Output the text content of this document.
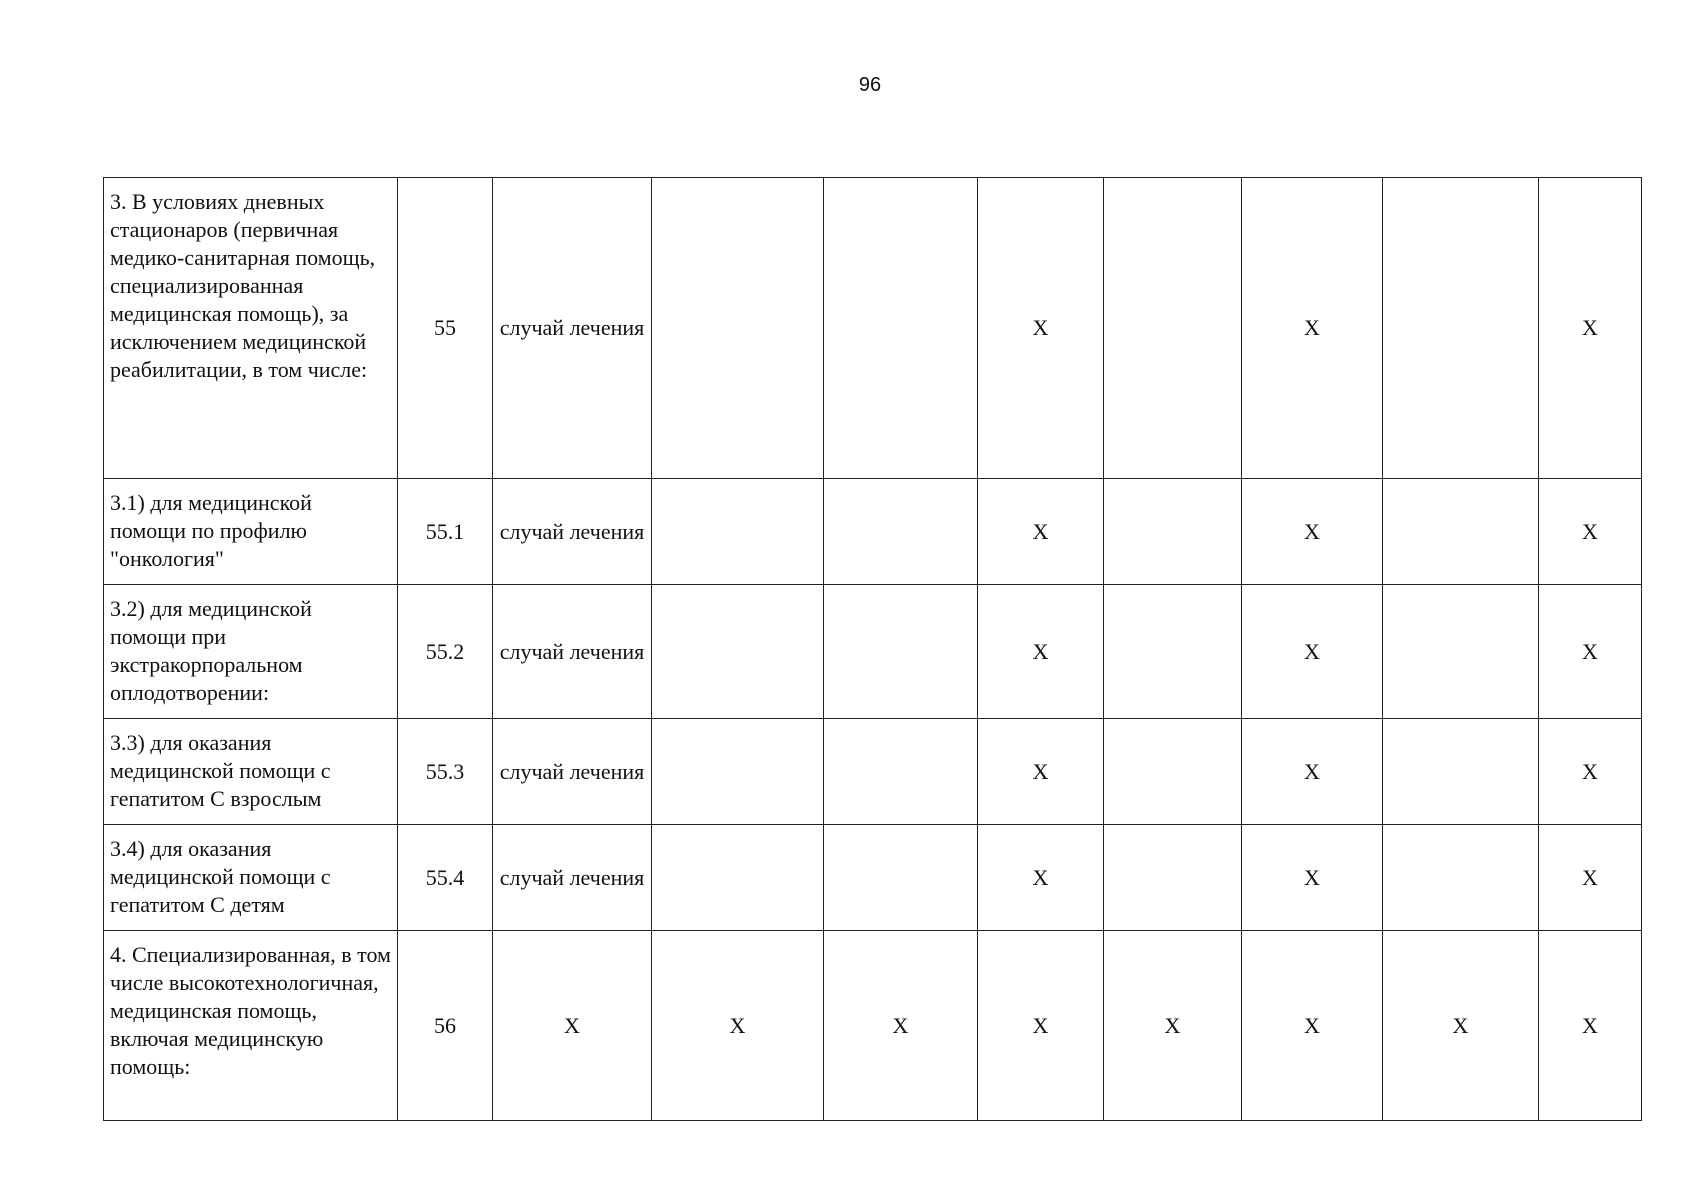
96
3. В условиях дневных стационаров (первичная медико-санитарная помощь, специализированная медицинская помощь), за исключением медицинской реабилитации, в том числе:	55	случай лечения			X		X		X
3.1) для медицинской помощи по профилю "онкология"	55.1	случай лечения			X		X		X
3.2) для медицинской помощи при экстракорпоральном оплодотворении:	55.2	случай лечения			X		X		X
3.3) для оказания медицинской помощи с гепатитом С взрослым	55.3	случай лечения			X		X		X
3.4) для оказания медицинской помощи с гепатитом С детям	55.4	случай лечения			X		X		X
4. Специализированная, в том числе высокотехнологичная, медицинская помощь, включая медицинскую помощь:	56	X	X	X	X	X	X	X	X
